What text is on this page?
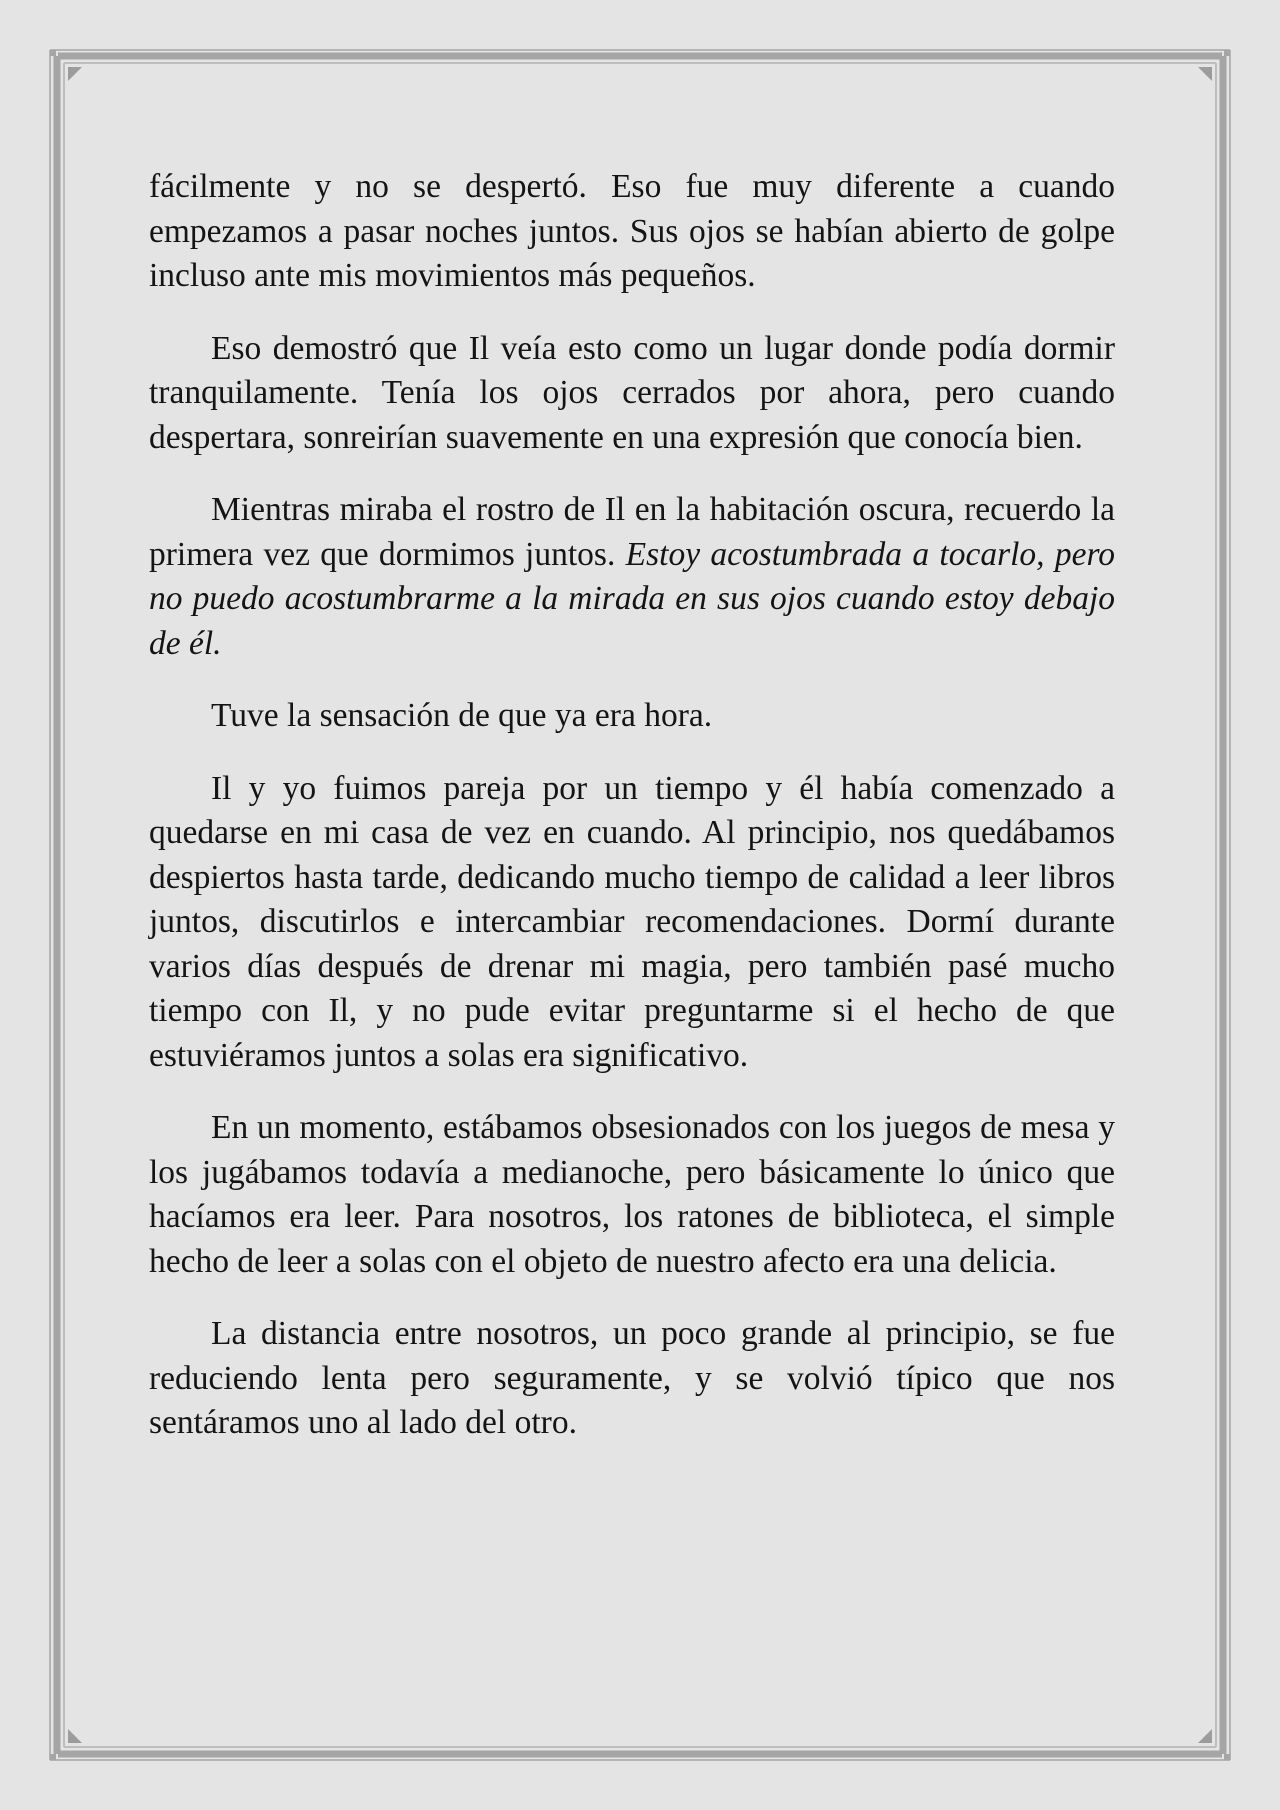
fácilmente y no se despertó. Eso fue muy diferente a cuando empezamos a pasar noches juntos. Sus ojos se habían abierto de golpe incluso ante mis movimientos más pequeños.

Eso demostró que Il veía esto como un lugar donde podía dormir tranquilamente. Tenía los ojos cerrados por ahora, pero cuando despertara, sonreirían suavemente en una expresión que conocía bien.

Mientras miraba el rostro de Il en la habitación oscura, recuerdo la primera vez que dormimos juntos. Estoy acostumbrada a tocarlo, pero no puedo acostumbrarme a la mirada en sus ojos cuando estoy debajo de él.

Tuve la sensación de que ya era hora.

Il y yo fuimos pareja por un tiempo y él había comenzado a quedarse en mi casa de vez en cuando. Al principio, nos quedábamos despiertos hasta tarde, dedicando mucho tiempo de calidad a leer libros juntos, discutirlos e intercambiar recomendaciones. Dormí durante varios días después de drenar mi magia, pero también pasé mucho tiempo con Il, y no pude evitar preguntarme si el hecho de que estuviéramos juntos a solas era significativo.

En un momento, estábamos obsesionados con los juegos de mesa y los jugábamos todavía a medianoche, pero básicamente lo único que hacíamos era leer. Para nosotros, los ratones de biblioteca, el simple hecho de leer a solas con el objeto de nuestro afecto era una delicia.

La distancia entre nosotros, un poco grande al principio, se fue reduciendo lenta pero seguramente, y se volvió típico que nos sentáramos uno al lado del otro.
